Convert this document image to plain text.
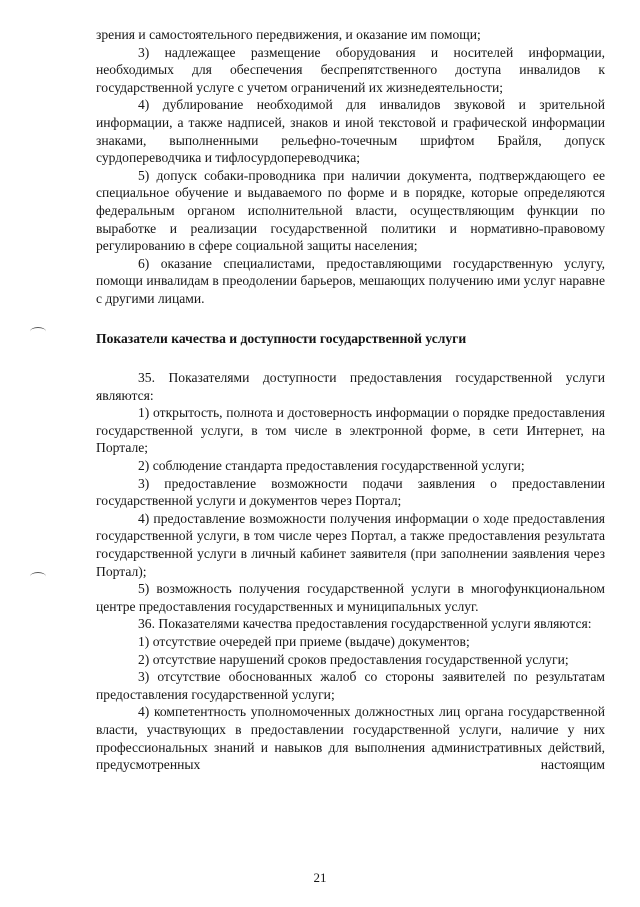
зрения и самостоятельного передвижения, и оказание им помощи;

3) надлежащее размещение оборудования и носителей информации, необходимых для обеспечения беспрепятственного доступа инвалидов к государственной услуге с учетом ограничений их жизнедеятельности;

4) дублирование необходимой для инвалидов звуковой и зрительной информации, а также надписей, знаков и иной текстовой и графической информации знаками, выполненными рельефно-точечным шрифтом Брайля, допуск сурдопереводчика и тифлосурдопереводчика;

5) допуск собаки-проводника при наличии документа, подтверждающего ее специальное обучение и выдаваемого по форме и в порядке, которые определяются федеральным органом исполнительной власти, осуществляющим функции по выработке и реализации государственной политики и нормативно-правовому регулированию в сфере социальной защиты населения;

6) оказание специалистами, предоставляющими государственную услугу, помощи инвалидам в преодолении барьеров, мешающих получению ими услуг наравне с другими лицами.

Показатели качества и доступности государственной услуги

35. Показателями доступности предоставления государственной услуги являются:

1) открытость, полнота и достоверность информации о порядке предоставления государственной услуги, в том числе в электронной форме, в сети Интернет, на Портале;

2) соблюдение стандарта предоставления государственной услуги;

3) предоставление возможности подачи заявления о предоставлении государственной услуги и документов через Портал;

4) предоставление возможности получения информации о ходе предоставления государственной услуги, в том числе через Портал, а также предоставления результата государственной услуги в личный кабинет заявителя (при заполнении заявления через Портал);

5) возможность получения государственной услуги в многофункциональном центре предоставления государственных и муниципальных услуг.

36. Показателями качества предоставления государственной услуги являются:

1) отсутствие очередей при приеме (выдаче) документов;

2) отсутствие нарушений сроков предоставления государственной услуги;

3) отсутствие обоснованных жалоб со стороны заявителей по результатам предоставления государственной услуги;

4) компетентность уполномоченных должностных лиц органа государственной власти, участвующих в предоставлении государственной услуги, наличие у них профессиональных знаний и навыков для выполнения административных действий, предусмотренных настоящим

21
